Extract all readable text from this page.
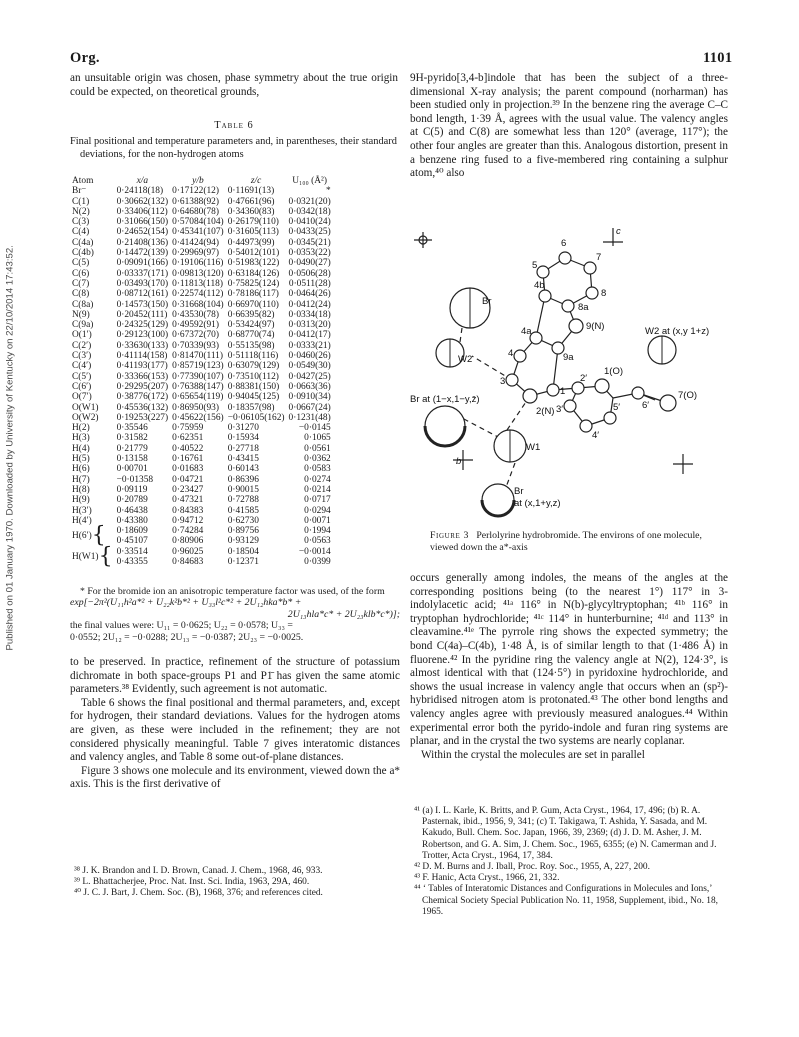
Org.	1101
Published on 01 January 1970. Downloaded by University of Kentucky on 22/10/2014 17:43:52.

an unsuitable origin was chosen, phase symmetry about the true origin could be expected, on theoretical grounds,

Table 6
Final positional and temperature parameters and, in parentheses, their standard deviations, for the non-hydrogen atoms
Atom	x/a	y/b	z/c	U₁₀₀ (Å²)
Br⁻	0·24118(18)	0·17122(12)	0·11691(13)	*
C(1)	0·30662(132)	0·61388(92)	0·47661(96)	0·0321(20)
N(2)	0·33406(112)	0·64680(78)	0·34360(83)	0·0342(18)
C(3)	0·31066(150)	0·57084(104)	0·26179(110)	0·0410(24)
C(4)	0·24652(154)	0·45341(107)	0·31605(113)	0·0433(25)
C(4a)	0·21408(136)	0·41424(94)	0·44973(99)	0·0345(21)
C(4b)	0·14472(139)	0·29969(97)	0·54012(101)	0·0353(22)
C(5)	0·09091(166)	0·19106(116)	0·51983(122)	0·0490(27)
C(6)	0·03337(171)	0·09813(120)	0·63184(126)	0·0506(28)
C(7)	0·03493(170)	0·11813(118)	0·75825(124)	0·0511(28)
C(8)	0·08712(161)	0·22574(112)	0·78186(117)	0·0464(26)
C(8a)	0·14573(150)	0·31668(104)	0·66970(110)	0·0412(24)
N(9)	0·20452(111)	0·43530(78)	0·66395(82)	0·0334(18)
C(9a)	0·24325(129)	0·49592(91)	0·53424(97)	0·0313(20)
O(1′)	0·29123(100)	0·67372(70)	0·68770(74)	0·0412(17)
C(2′)	0·33630(133)	0·70339(93)	0·55135(98)	0·0333(21)
C(3′)	0·41114(158)	0·81470(111)	0·51118(116)	0·0460(26)
C(4′)	0·41193(177)	0·85719(123)	0·63079(129)	0·0549(30)
C(5′)	0·33366(153)	0·77390(107)	0·73510(112)	0·0427(25)
C(6′)	0·29295(207)	0·76388(147)	0·88381(150)	0·0663(36)
O(7′)	0·38776(172)	0·65654(119)	0·94045(125)	0·0910(34)
O(W1)	0·45536(132)	0·86950(93)	0·18357(98)	0·0667(24)
O(W2)	0·19253(227)	0·45622(156)	−0·06105(162)	0·1231(48)
H(2)	0·35546	0·75959	0·31270	−0·0145
H(3)	0·31582	0·62351	0·15934	0·1065
H(4)	0·21779	0·40522	0·27718	0·0561
H(5)	0·13158	0·16761	0·43415	0·0362
H(6)	0·00701	0·01683	0·60143	0·0583
H(7)	−0·01358	0·04721	0·86396	0·0274
H(8)	0·09119	0·23427	0·90015	0·0214
H(9)	0·20789	0·47321	0·72788	0·0717
H(3′)	0·46438	0·84383	0·41585	0·0294
H(4′)	0·43380	0·94712	0·62730	0·0071
H(6′){	0·18609	0·74284	0·89756	0·1994
	0·45107	0·80906	0·93129	0·0563
H(W1){	0·33514	0·96025	0·18504	−0·0014
	0·43355	0·84683	0·12371	0·0399

* For the bromide ion an anisotropic temperature factor was used, of the form

exp[−2π²(U₁₁h²a*² + U₂₂k²b*² + U₃₃l²c*² + 2U₁₂hka*b* +

2U₁₃hla*c* + 2U₂₃klb*c*)];

the final values were: U₁₁ = 0·0625; U₂₂ = 0·0578; U₃₃ =

0·0552; 2U₁₂ = −0·0288; 2U₁₃ = −0·0387; 2U₂₃ = −0·0025.

to be preserved. In practice, refinement of the structure of potassium dichromate in both space-groups P1 and P1̄ has given the same atomic parameters.³⁸ Evidently, such agreement is not automatic.

Table 6 shows the final positional and thermal parameters, and, except for hydrogen, their standard deviations. Values for the hydrogen atoms are given, as these were included in the refinement; they are not considered physically meaningful. Table 7 gives interatomic distances and valency angles, and Table 8 some out-of-plane distances.

Figure 3 shows one molecule and its environment, viewed down the a* axis. This is the first derivative of

³⁸ J. K. Brandon and I. D. Brown, Canad. J. Chem., 1968, 46, 933.

³⁹ L. Bhattacherjee, Proc. Nat. Inst. Sci. India, 1963, 29A, 460.

⁴⁰ J. C. J. Bart, J. Chem. Soc. (B), 1968, 376; and references cited.

9H-pyrido[3,4-b]indole that has been the subject of a three-dimensional X-ray analysis; the parent compound (norharman) has been studied only in projection.³⁹ In the benzene ring the average C–C bond length, 1·39 Å, agrees with the usual value. The valency angles at C(5) and C(8) are somewhat less than 120° (average, 117°); the other four angles are greater than this. Analogous distortion, present in a benzene ring fused to a five-membered ring containing a sulphur atom,⁴⁰ also

Br
W2
W2 at (x,y 1+z)
Br at (1−x,1−y,z̄)
W1
Br
at (x,1+y,z)
9(N)
2(N)
1(O)
7(O)
6
7
5
8
4b
8a
4a
4	9a
3
1
2′
3′
4′
5′ 6′
b
c
Figure 3 Perlolyrine hydrobromide. The environs of one molecule, viewed down the a*-axis

occurs generally among indoles, the means of the angles at the corresponding positions being (to the nearest 1°) 117° in 3-indolylacetic acid; ⁴¹ᵃ 116° in N(b)-glycyltryptophan; ⁴¹ᵇ 116° in tryptophan hydrochloride; ⁴¹ᶜ 114° in hunterburnine; ⁴¹ᵈ and 113° in cleavamine.⁴¹ᵉ The pyrrole ring shows the expected symmetry; the bond C(4a)–C(4b), 1·48 Å, is of similar length to that (1·486 Å) in fluorene.⁴² In the pyridine ring the valency angle at N(2), 124·3°, is almost identical with that (124·5°) in pyridoxine hydrochloride, and shows the usual increase in valency angle that occurs when an (sp²)-hybridised nitrogen atom is protonated.⁴³ The other bond lengths and valency angles agree with previously measured analogues.⁴⁴ Within experimental error both the pyrido-indole and furan ring systems are planar, and in the crystal the two systems are nearly coplanar.

Within the crystal the molecules are set in parallel

⁴¹ (a) I. L. Karle, K. Britts, and P. Gum, Acta Cryst., 1964, 17, 496; (b) R. A. Pasternak, ibid., 1956, 9, 341; (c) T. Takigawa, T. Ashida, Y. Sasada, and M. Kakudo, Bull. Chem. Soc. Japan, 1966, 39, 2369; (d) J. D. M. Asher, J. M. Robertson, and G. A. Sim, J. Chem. Soc., 1965, 6355; (e) N. Camerman and J. Trotter, Acta Cryst., 1964, 17, 384.

⁴² D. M. Burns and J. Iball, Proc. Roy. Soc., 1955, A, 227, 200.

⁴³ F. Hanic, Acta Cryst., 1966, 21, 332.

⁴⁴ ‘ Tables of Interatomic Distances and Configurations in Molecules and Ions,’ Chemical Society Special Publication No. 11, 1958, Supplement, ibid., No. 18, 1965.
